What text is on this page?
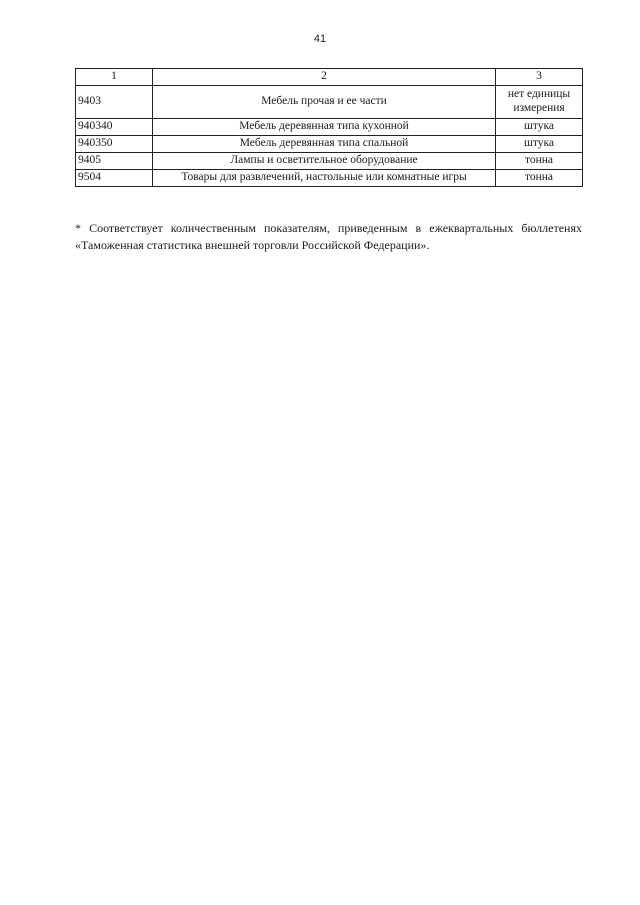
41
1	2	3
9403	Мебель прочая и ее части	нет единицы измерения
940340	Мебель деревянная типа кухонной	штука
940350	Мебель деревянная типа спальной	штука
9405	Лампы и осветительное оборудование	тонна
9504	Товары для развлечений, настольные или комнатные игры	тонна

* Соответствует количественным показателям, приведенным в ежеквартальных бюллетенях «Таможенная статистика внешней торговли Российской Федерации».
